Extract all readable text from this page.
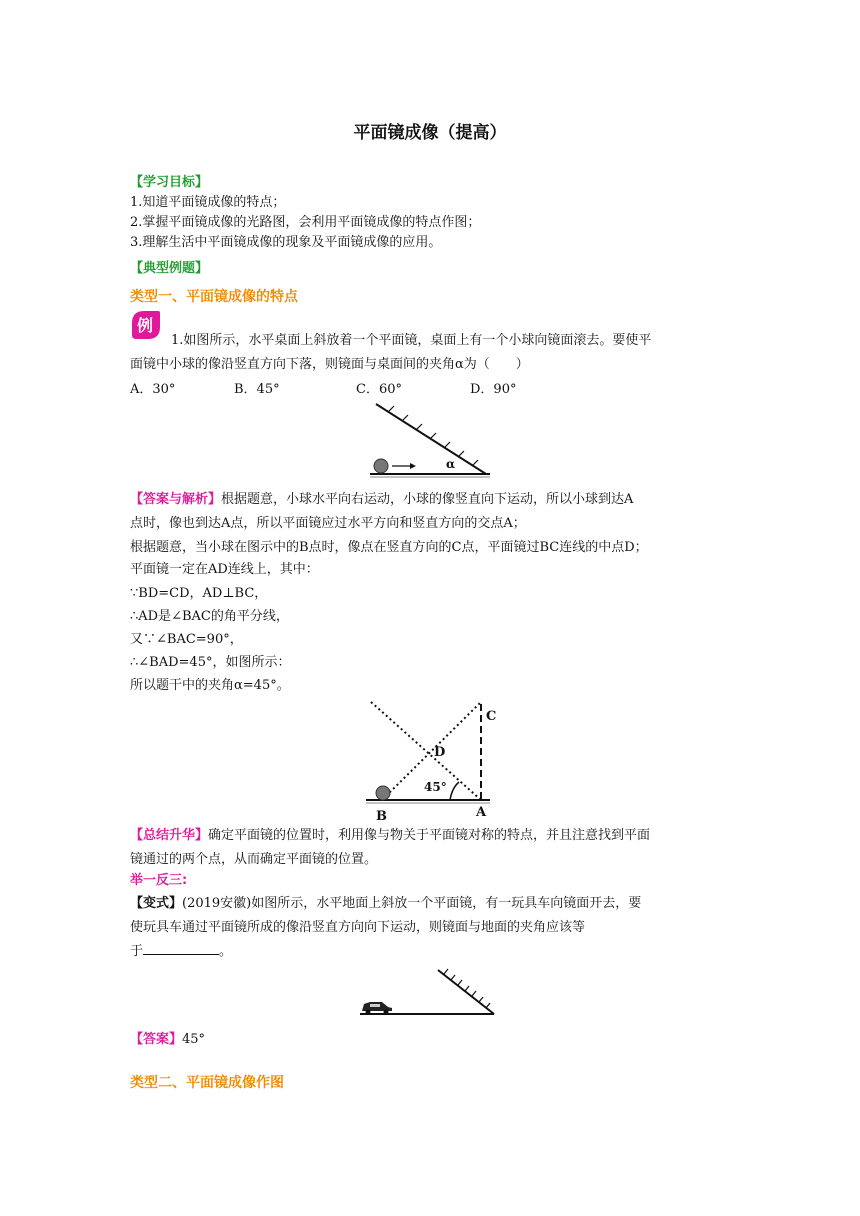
平面镜成像（提高）
【学习目标】
1.知道平面镜成像的特点；
2.掌握平面镜成像的光路图，会利用平面镜成像的特点作图；
3.理解生活中平面镜成像的现象及平面镜成像的应用。
【典型例题】
类型一、平面镜成像的特点
例
1.如图所示，水平桌面上斜放着一个平面镜，桌面上有一个小球向镜面滚去。要使平
面镜中小球的像沿竖直方向下落，则镜面与桌面间的夹角α为（　　）
A．30°	B．45°	C．60°	D．90°
α
【答案与解析】根据题意，小球水平向右运动，小球的像竖直向下运动，所以小球到达A
点时，像也到达A点，所以平面镜应过水平方向和竖直方向的交点A；
根据题意，当小球在图示中的B点时，像点在竖直方向的C点，平面镜过BC连线的中点D；
平面镜一定在AD连线上，其中：
∵BD=CD，AD⊥BC，
∴AD是∠BAC的角平分线，
又∵∠BAC=90°，
∴∠BAD=45°，如图所示：
所以题干中的夹角α=45°。
C
D
A
B
45°
【总结升华】确定平面镜的位置时，利用像与物关于平面镜对称的特点，并且注意找到平面
镜通过的两个点，从而确定平面镜的位置。
举一反三:
【变式】(2019安徽)如图所示，水平地面上斜放一个平面镜，有一玩具车向镜面开去，要
使玩具车通过平面镜所成的像沿竖直方向向下运动，则镜面与地面的夹角应该等
于	。
【答案】45°
类型二、平面镜成像作图
